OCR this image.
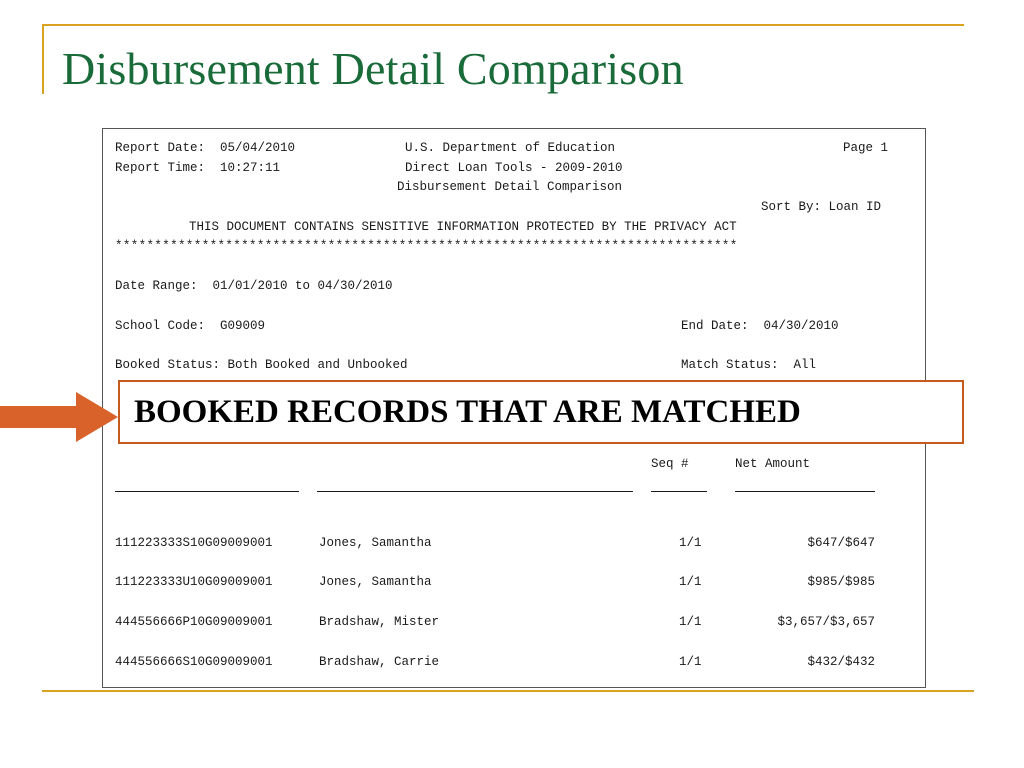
Disbursement Detail Comparison
Report Date:  05/04/2010
Report Time:  10:27:11
U.S. Department of Education
Direct Loan Tools - 2009-2010
Disbursement Detail Comparison
Page 1
Sort By: Loan ID
THIS DOCUMENT CONTAINS SENSITIVE INFORMATION PROTECTED BY THE PRIVACY ACT
*******************************************************************************
Date Range:  01/01/2010 to 04/30/2010
School Code:  G09009	End Date:  04/30/2010
Booked Status: Both Booked and Unbooked	Match Status:  All
Seq #	Net Amount
111223333S10G09009001	Jones, Samantha	1/1	$647/$647
111223333U10G09009001	Jones, Samantha	1/1	$985/$985
444556666P10G09009001	Bradshaw, Mister	1/1	$3,657/$3,657
444556666S10G09009001	Bradshaw, Carrie	1/1	$432/$432
BOOKED RECORDS THAT ARE MATCHED
